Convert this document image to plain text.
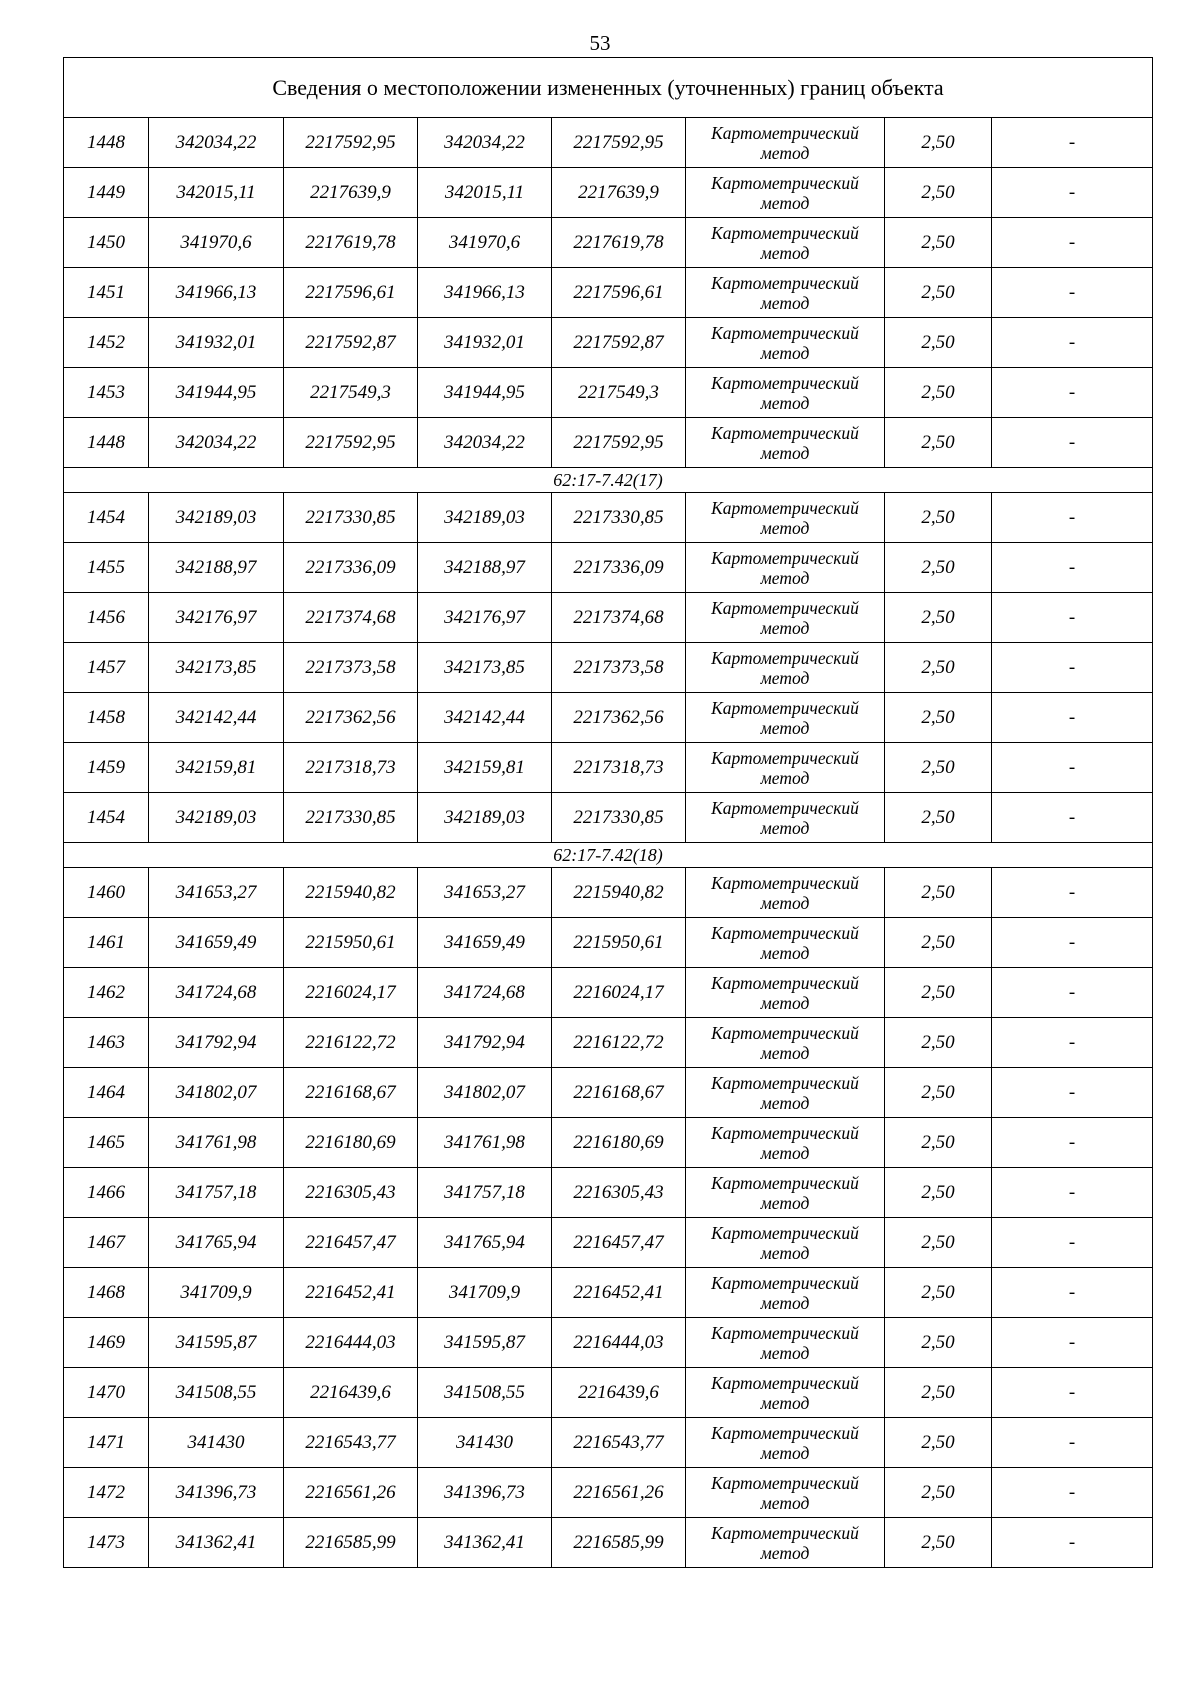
53
Сведения о местоположении измененных (уточненных) границ объекта							
1448	342034,22	2217592,95	342034,22	2217592,95	Картометрический
метод	2,50	-
1449	342015,11	2217639,9	342015,11	2217639,9	Картометрический
метод	2,50	-
1450	341970,6	2217619,78	341970,6	2217619,78	Картометрический
метод	2,50	-
1451	341966,13	2217596,61	341966,13	2217596,61	Картометрический
метод	2,50	-
1452	341932,01	2217592,87	341932,01	2217592,87	Картометрический
метод	2,50	-
1453	341944,95	2217549,3	341944,95	2217549,3	Картометрический
метод	2,50	-
1448	342034,22	2217592,95	342034,22	2217592,95	Картометрический
метод	2,50	-
62:17-7.42(17)							
1454	342189,03	2217330,85	342189,03	2217330,85	Картометрический
метод	2,50	-
1455	342188,97	2217336,09	342188,97	2217336,09	Картометрический
метод	2,50	-
1456	342176,97	2217374,68	342176,97	2217374,68	Картометрический
метод	2,50	-
1457	342173,85	2217373,58	342173,85	2217373,58	Картометрический
метод	2,50	-
1458	342142,44	2217362,56	342142,44	2217362,56	Картометрический
метод	2,50	-
1459	342159,81	2217318,73	342159,81	2217318,73	Картометрический
метод	2,50	-
1454	342189,03	2217330,85	342189,03	2217330,85	Картометрический
метод	2,50	-
62:17-7.42(18)							
1460	341653,27	2215940,82	341653,27	2215940,82	Картометрический
метод	2,50	-
1461	341659,49	2215950,61	341659,49	2215950,61	Картометрический
метод	2,50	-
1462	341724,68	2216024,17	341724,68	2216024,17	Картометрический
метод	2,50	-
1463	341792,94	2216122,72	341792,94	2216122,72	Картометрический
метод	2,50	-
1464	341802,07	2216168,67	341802,07	2216168,67	Картометрический
метод	2,50	-
1465	341761,98	2216180,69	341761,98	2216180,69	Картометрический
метод	2,50	-
1466	341757,18	2216305,43	341757,18	2216305,43	Картометрический
метод	2,50	-
1467	341765,94	2216457,47	341765,94	2216457,47	Картометрический
метод	2,50	-
1468	341709,9	2216452,41	341709,9	2216452,41	Картометрический
метод	2,50	-
1469	341595,87	2216444,03	341595,87	2216444,03	Картометрический
метод	2,50	-
1470	341508,55	2216439,6	341508,55	2216439,6	Картометрический
метод	2,50	-
1471	341430	2216543,77	341430	2216543,77	Картометрический
метод	2,50	-
1472	341396,73	2216561,26	341396,73	2216561,26	Картометрический
метод	2,50	-
1473	341362,41	2216585,99	341362,41	2216585,99	Картометрический
метод	2,50	-
